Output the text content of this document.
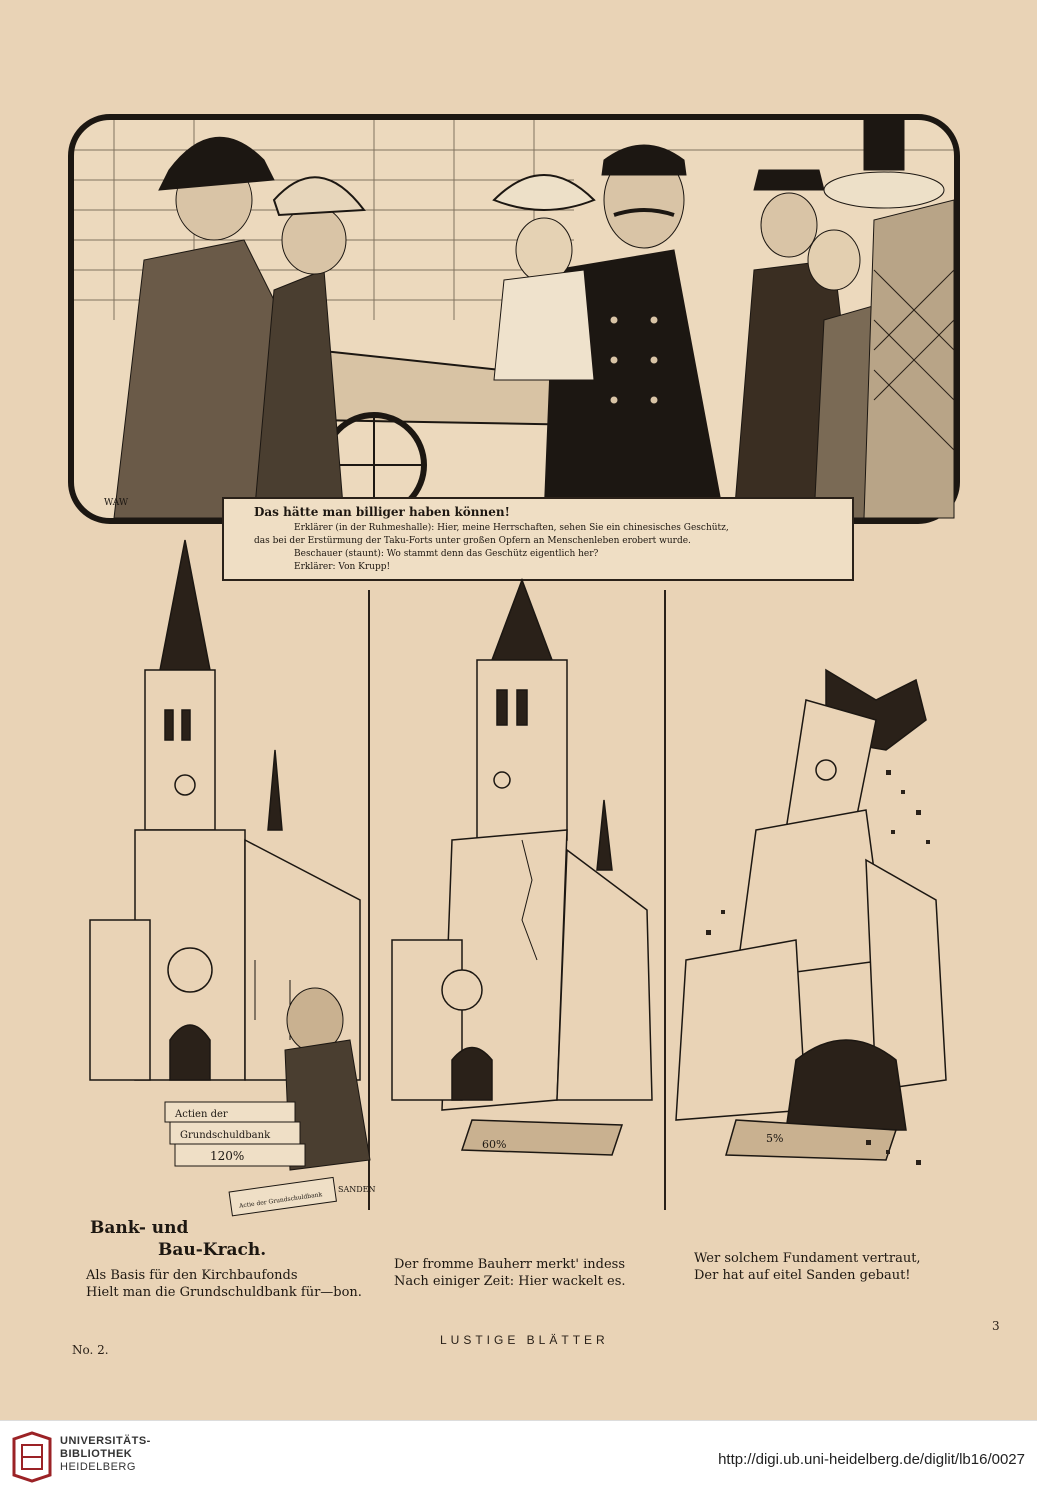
WAW
Das hätte man billiger haben können!
Erklärer (in der Ruhmeshalle): Hier, meine Herrschaften, sehen Sie ein chinesisches Geschütz,
das bei der Erstürmung der Taku-Forts unter großen Opfern an Menschenleben erobert wurde.
Beschauer (staunt): Wo stammt denn das Geschütz eigentlich her?
Erklärer: Von Krupp!
Actien der
Grundschuldbank
120%
Actie der Grundschuldbank
SANDEN
60%	5%
Bank- und
Bau-Krach.
Als Basis für den Kirchbaufonds
Hielt man die Grundschuldbank für—bon.
Der fromme Bauherr merkt' indess
Nach einiger Zeit: Hier wackelt es.
Wer solchem Fundament vertraut,
Der hat auf eitel Sanden gebaut!
3
No. 2.
LUSTIGE BLÄTTER
UNIVERSITÄTS-
BIBLIOTHEK
HEIDELBERG	http://digi.ub.uni-heidelberg.de/diglit/lb16/0027
